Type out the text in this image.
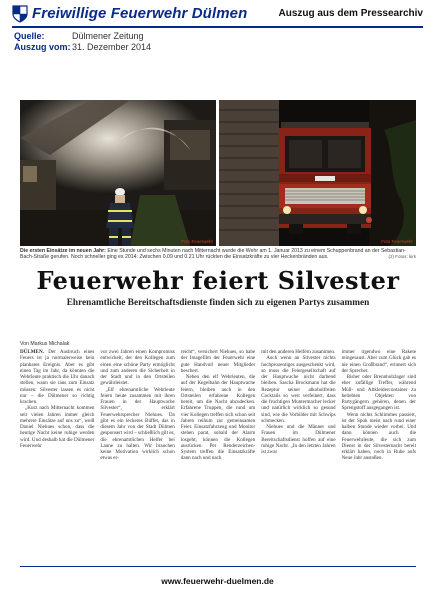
Freiwillige Feuerwehr Dülmen	Auszug aus dem Pressearchiv
Quelle:	Dülmener Zeitung
Auszug vom: 31. Dezember 2014
Foto Feuerwehr	Foto Feuerwehr
Die ersten Einsätze im neuen Jahr: Eine Stunde und sechs Minuten nach Mitternacht wurde die Wehr am 1. Januar 2013 zu einem Schuppenbrand an der Sebastian-Bach-Straße gerufen. Noch schneller ging es 2014: Zwischen 0.09 und 0.21 Uhr rückten die Einsatzkräfte zu vier Heckenbränden aus.	(2) Fotos: kirk
Feuerwehr feiert Silvester
Ehrenamtliche Bereitschaftsdienste finden sich zu eigenen Partys zusammen
Von Markus Michalak

DÜLMEN. Der Ausbruch eines Feuers ist ja normalerweise kein planbares Ereignis. Aber es gibt einen Tag im Jahr, da könnten die Wehrleute praktisch die Uhr danach stellen, wann sie raus zum Einsatz müssen: Silvester lassen es nicht nur – die Dülmener so richtig krachen.

„Kurz nach Mitternacht kommen seit vielen Jahren immer gleich mehrere Einsätze auf uns zu“, weiß Daniel Niehues schon, dass die heutige Nacht keine ruhige werden wird. Und deshalb hat die Dülmener Feuerwehr

vor zwei Jahren einen Kompromiss entwickelt, der den Kollegen zum einen eine schöne Party ermöglicht und zum anderen die Sicherheit in der Stadt und in den Ortsteilen gewährleistet.

„Elf ehrenamtliche Wehrleute feiern heute zusammen mit ihren Frauen in der Hauptwache Silvester“, erklärt Feuerwehrsprecher Niehues. Da gibt es ein leckeres Büffet, das in diesem Jahr von der Stadt Dülmen gesponsert wird – schließlich gilt es, die ehrenamtlichen Helfer bei Laune zu halten. Wir brauchen keine Motivation wirklich schon etwas er-

reicht“, versichert Niehues, so habe der Imagefilm der Feuerwehr eine gute Handvoll neuer Mitglieder beschert.

Neben den elf Wehrleuten, die auf der Kegelbahn der Hauptwache feiern, bleiben auch in den Ortsteilen erfahrene Kollegen bereit, um die Nacht abzudecken. Erfahrene Truppen, die rund um vier Kollegen treffen sich schon seit Jahren reihum zur gemeinsamen Feier. Einsatzfahrzeug und Monitor stehen parat, sobald der Alarm losgeht, können die Kollegen ausrücken. Per Renderzeichen-System treffen die Einsatzkräfte dann nach und nach

mit den anderen Helfern zusammen.

Auch wenn an Silvester nichts hochprozentiges ausgeschenkt wird, so muss die Feiergesellschaft auf der Hauptwache nicht darbend bleiben. Sascha Brockmann hat die Rezeptur seiner alkoholfreien Cocktails so weit verfeinert, dass die fruchtigen Muntermacher lecker und natürlich wirklich so gesund sind, wie die Vorbilder mit Schwips schmecken.

Niehues und die Männer und Frauen im Dülmener Bereitschaftsdienst hoffen auf eine ruhige Nacht. „In den letzten Jahren ist zwar

immer irgendwo eine Rakete reingesaust. Aber zum Glück gab es nie einen Großbrand“, erinnert sich der Sprecher.

Bisher oder Brennholzlager sind eher zufällige Treffer, während Müll- und Altkleidercontainer zu beliebten Objekten von Partygängern gehören, denen der Sprengstoff ausgegangen ist.

Wenn nichts Schlimmes passiert, ist der Spuk meist nach rund einer halben Stunde wieder vorbei. Und dann können auch die Feuerwehrleute, die sich zum Dienst in der Silvesternacht bereit erklärt haben, noch in Ruhe aufs Neue Jahr anstoßen.

www.feuerwehr-duelmen.de
